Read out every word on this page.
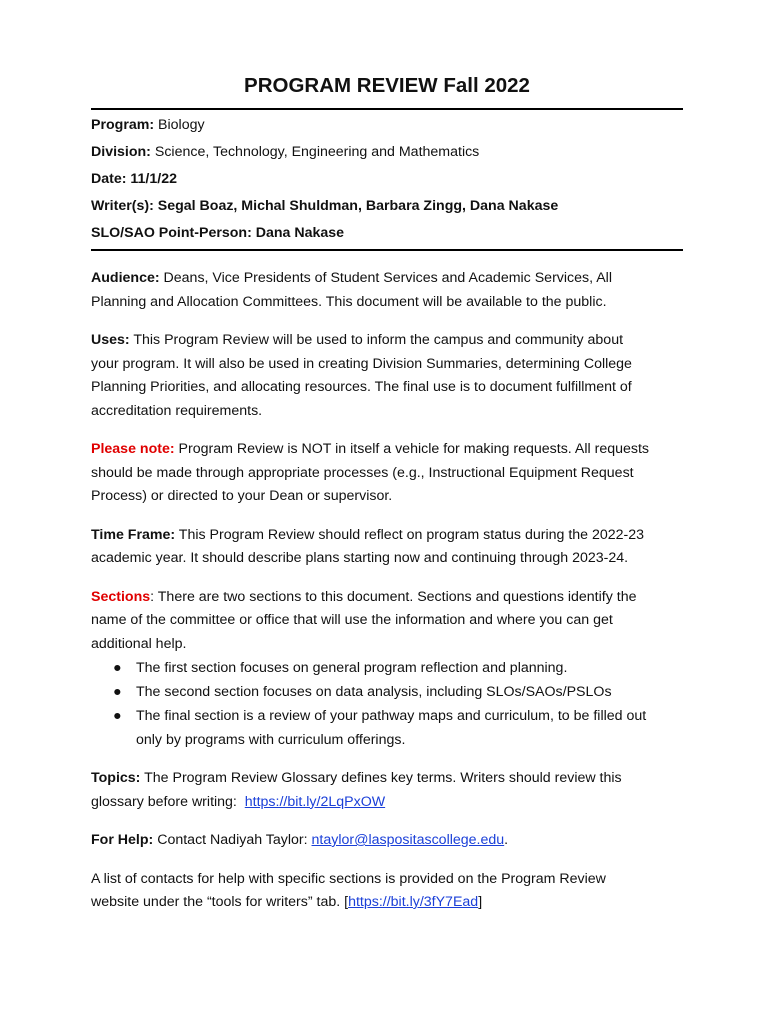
PROGRAM REVIEW Fall 2022
Program: Biology
Division: Science, Technology, Engineering and Mathematics
Date: 11/1/22
Writer(s): Segal Boaz, Michal Shuldman, Barbara Zingg, Dana Nakase
SLO/SAO Point-Person: Dana Nakase

Audience: Deans, Vice Presidents of Student Services and Academic Services, All
Planning and Allocation Committees. This document will be available to the public.

Uses: This Program Review will be used to inform the campus and community about
your program. It will also be used in creating Division Summaries, determining College
Planning Priorities, and allocating resources. The final use is to document fulfillment of
accreditation requirements.

Please note: Program Review is NOT in itself a vehicle for making requests. All requests
should be made through appropriate processes (e.g., Instructional Equipment Request
Process) or directed to your Dean or supervisor.

Time Frame: This Program Review should reflect on program status during the 2022-23
academic year. It should describe plans starting now and continuing through 2023-24.

Sections: There are two sections to this document. Sections and questions identify the
name of the committee or office that will use the information and where you can get
additional help.

● The first section focuses on general program reflection and planning.
● The second section focuses on data analysis, including SLOs/SAOs/PSLOs
● The final section is a review of your pathway maps and curriculum, to be filled out
only by programs with curriculum offerings.

Topics: The Program Review Glossary defines key terms. Writers should review this
glossary before writing:  https://bit.ly/2LqPxOW

For Help: Contact Nadiyah Taylor: ntaylor@laspositascollege.edu.

A list of contacts for help with specific sections is provided on the Program Review
website under the “tools for writers” tab. [https://bit.ly/3fY7Ead]
